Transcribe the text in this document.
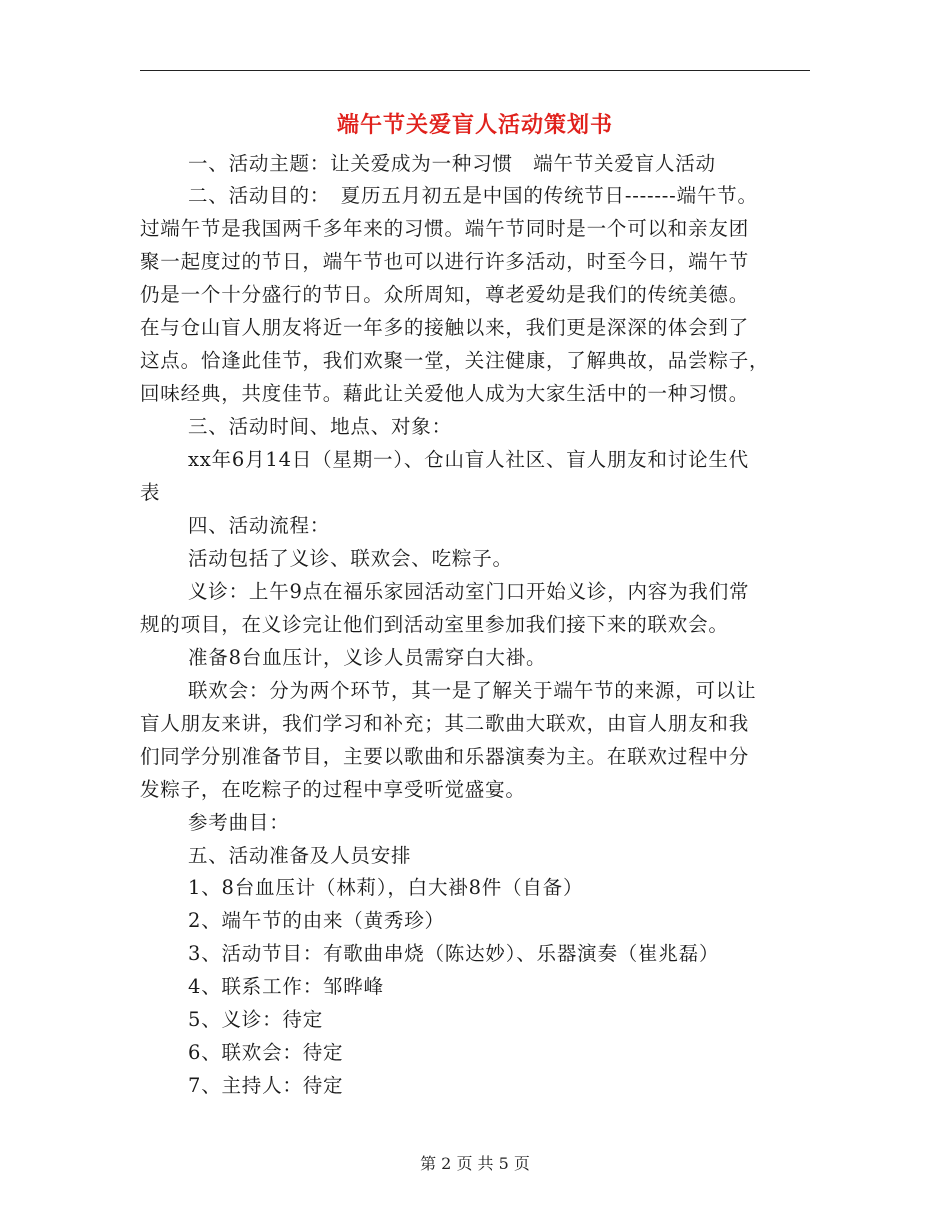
端午节关爱盲人活动策划书
一、活动主题：让关爱成为一种习惯　端午节关爱盲人活动
二、活动目的：　夏历五月初五是中国的传统节日-------端午节。
过端午节是我国两千多年来的习惯。端午节同时是一个可以和亲友团
聚一起度过的节日，端午节也可以进行许多活动，时至今日，端午节
仍是一个十分盛行的节日。众所周知，尊老爱幼是我们的传统美德。
在与仓山盲人朋友将近一年多的接触以来，我们更是深深的体会到了
这点。恰逢此佳节，我们欢聚一堂，关注健康，了解典故，品尝粽子，
回味经典，共度佳节。藉此让关爱他人成为大家生活中的一种习惯。
三、活动时间、地点、对象：
xx年6月14日（星期一）、仓山盲人社区、盲人朋友和讨论生代
表
四、活动流程：
活动包括了义诊、联欢会、吃粽子。
义诊：上午9点在福乐家园活动室门口开始义诊，内容为我们常
规的项目，在义诊完让他们到活动室里参加我们接下来的联欢会。
准备8台血压计，义诊人员需穿白大褂。
联欢会：分为两个环节，其一是了解关于端午节的来源，可以让
盲人朋友来讲，我们学习和补充；其二歌曲大联欢，由盲人朋友和我
们同学分别准备节目，主要以歌曲和乐器演奏为主。在联欢过程中分
发粽子，在吃粽子的过程中享受听觉盛宴。
参考曲目：
五、活动准备及人员安排
1、8台血压计（林莉），白大褂8件（自备）
2、端午节的由来（黄秀珍）
3、活动节目：有歌曲串烧（陈达妙）、乐器演奏（崔兆磊）
4、联系工作：邹晔峰
5、义诊：待定
6、联欢会：待定
7、主持人：待定
第 2 页 共 5 页
